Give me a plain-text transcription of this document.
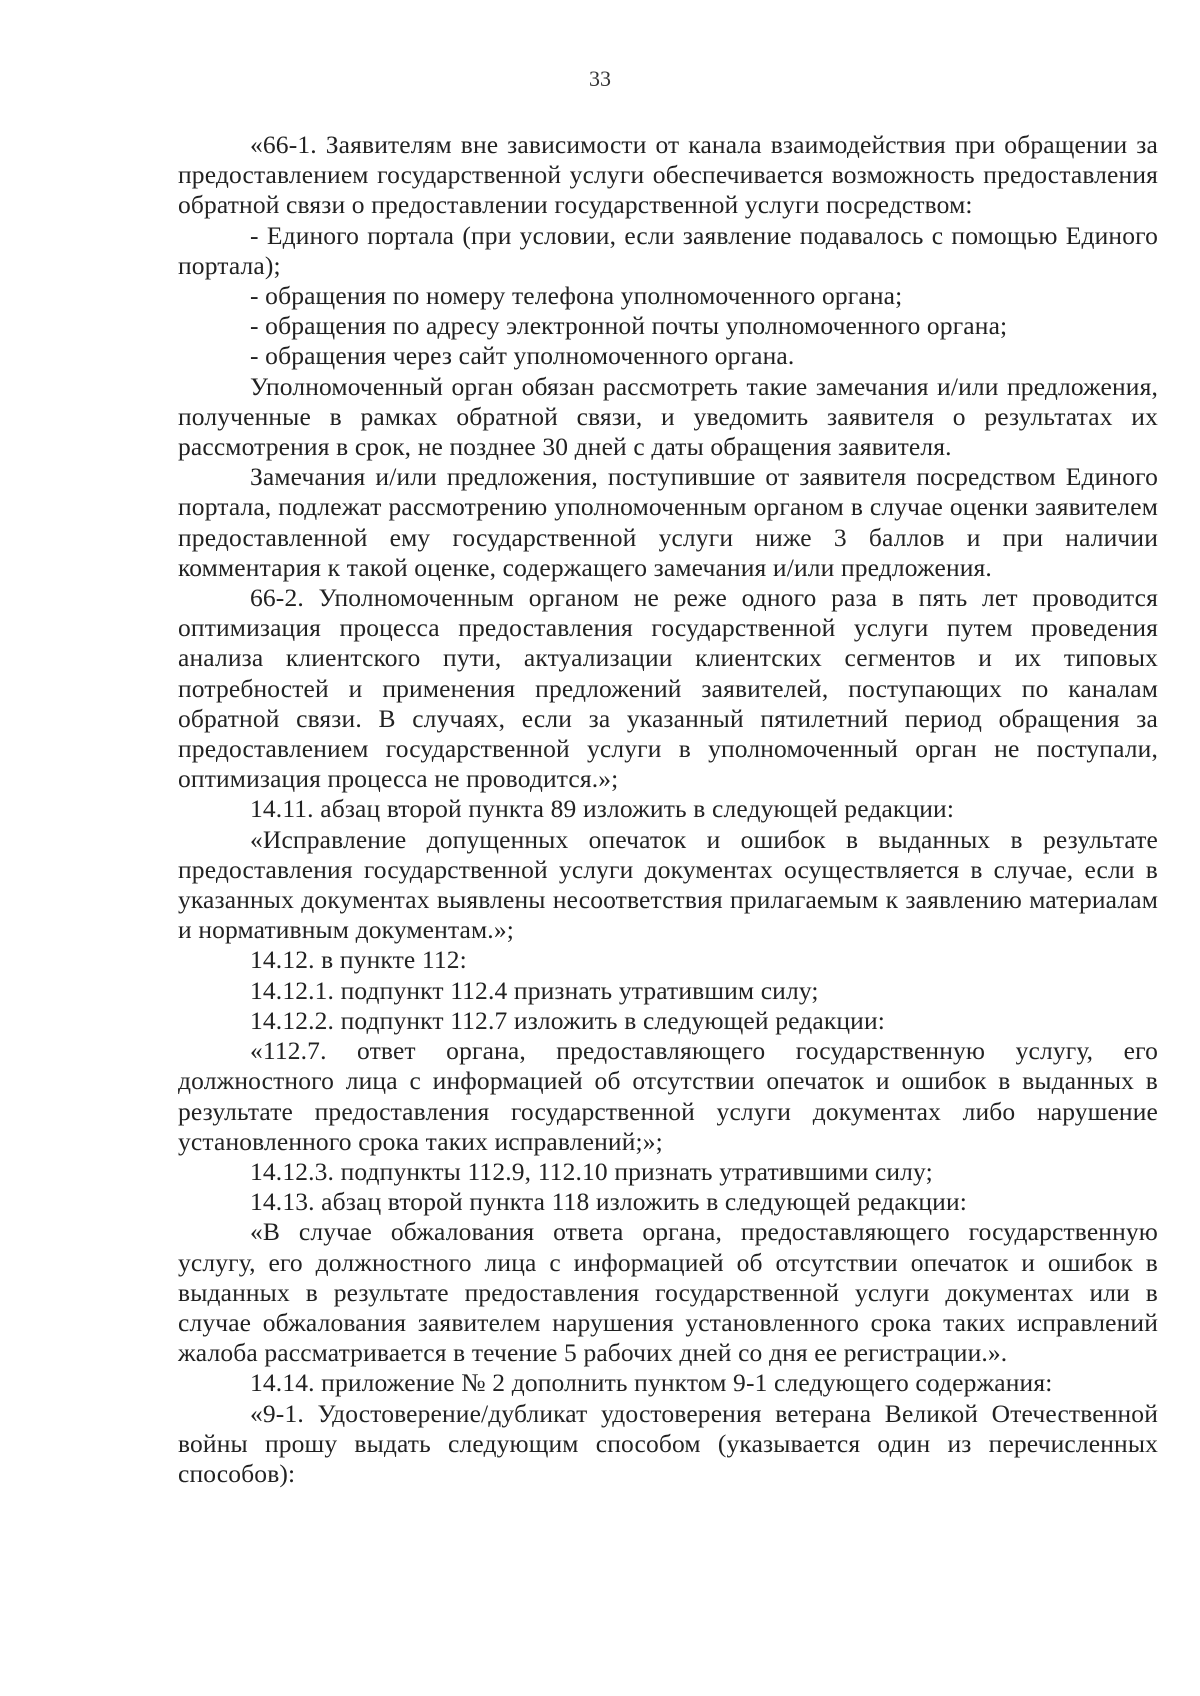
33

«66-1. Заявителям вне зависимости от канала взаимодействия при обращении за предоставлением государственной услуги обеспечивается возможность предоставления обратной связи о предоставлении государственной услуги посредством:

- Единого портала (при условии, если заявление подавалось с помощью Единого портала);

- обращения по номеру телефона уполномоченного органа;

- обращения по адресу электронной почты уполномоченного органа;

- обращения через сайт уполномоченного органа.

Уполномоченный орган обязан рассмотреть такие замечания и/или предложения, полученные в рамках обратной связи, и уведомить заявителя о результатах их рассмотрения в срок, не позднее 30 дней с даты обращения заявителя.

Замечания и/или предложения, поступившие от заявителя посредством Единого портала, подлежат рассмотрению уполномоченным органом в случае оценки заявителем предоставленной ему государственной услуги ниже 3 баллов и при наличии комментария к такой оценке, содержащего замечания и/или предложения.

66-2. Уполномоченным органом не реже одного раза в пять лет проводится оптимизация процесса предоставления государственной услуги путем проведения анализа клиентского пути, актуализации клиентских сегментов и их типовых потребностей и применения предложений заявителей, поступающих по каналам обратной связи. В случаях, если за указанный пятилетний период обращения за предоставлением государственной услуги в уполномоченный орган не поступали, оптимизация процесса не проводится.»;

14.11. абзац второй пункта 89 изложить в следующей редакции:

«Исправление допущенных опечаток и ошибок в выданных в результате предоставления государственной услуги документах осуществляется в случае, если в указанных документах выявлены несоответствия прилагаемым к заявлению материалам и нормативным документам.»;

14.12. в пункте 112:

14.12.1. подпункт 112.4 признать утратившим силу;

14.12.2. подпункт 112.7 изложить в следующей редакции:

«112.7. ответ органа, предоставляющего государственную услугу, его должностного лица с информацией об отсутствии опечаток и ошибок в выданных в результате предоставления государственной услуги документах либо нарушение установленного срока таких исправлений;»;

14.12.3. подпункты 112.9, 112.10 признать утратившими силу;

14.13. абзац второй пункта 118 изложить в следующей редакции:

«В случае обжалования ответа органа, предоставляющего государственную услугу, его должностного лица с информацией об отсутствии опечаток и ошибок в выданных в результате предоставления государственной услуги документах или в случае обжалования заявителем нарушения установленного срока таких исправлений жалоба рассматривается в течение 5 рабочих дней со дня ее регистрации.».

14.14. приложение № 2 дополнить пунктом 9-1 следующего содержания:

«9-1. Удостоверение/дубликат удостоверения ветерана Великой Отечественной войны прошу выдать следующим способом (указывается один из перечисленных способов):
